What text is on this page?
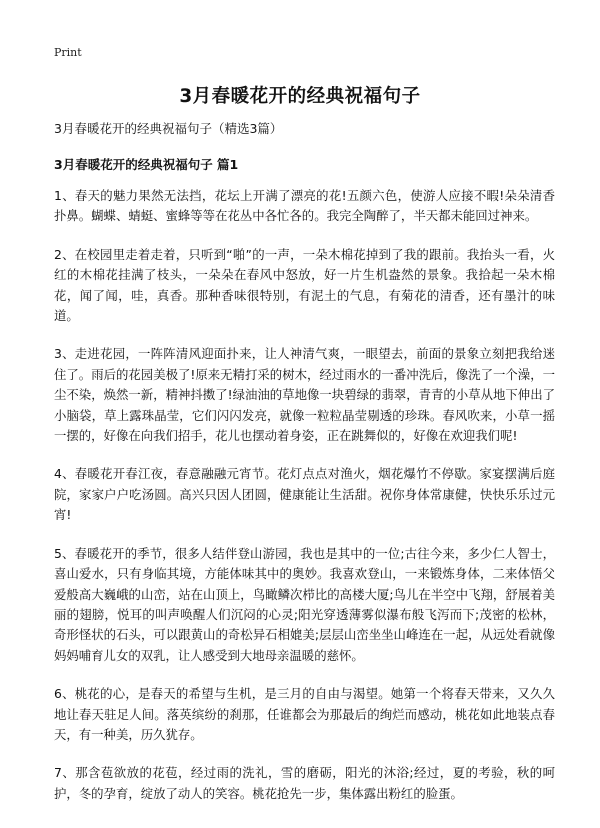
Print
3月春暖花开的经典祝福句子

3月春暖花开的经典祝福句子（精选3篇）

3月春暖花开的经典祝福句子 篇1

1、春天的魅力果然无法挡，花坛上开满了漂亮的花!五颜六色，使游人应接不暇!朵朵清香扑鼻。蝴蝶、蜻蜓、蜜蜂等等在花丛中各忙各的。我完全陶醉了，半天都未能回过神来。

2、在校园里走着走着，只听到“啪”的一声，一朵木棉花掉到了我的跟前。我抬头一看，火红的木棉花挂满了枝头，一朵朵在春风中怒放，好一片生机盎然的景象。我拾起一朵木棉花，闻了闻，哇，真香。那种香味很特别，有泥土的气息，有菊花的清香，还有墨汁的味道。

3、走进花园，一阵阵清风迎面扑来，让人神清气爽，一眼望去，前面的景象立刻把我给迷住了。雨后的花园美极了!原来无精打采的树木，经过雨水的一番冲洗后，像洗了一个澡，一尘不染，焕然一新，精神抖擞了!绿油油的草地像一块碧绿的翡翠，青青的小草从地下伸出了小脑袋，草上露珠晶莹，它们闪闪发亮，就像一粒粒晶莹剔透的珍珠。春风吹来，小草一摇一摆的，好像在向我们招手，花儿也摆动着身姿，正在跳舞似的，好像在欢迎我们呢!

4、春暖花开春江夜，春意融融元宵节。花灯点点对渔火，烟花爆竹不停歇。家宴摆满后庭院，家家户户吃汤圆。高兴只因人团圆，健康能让生活甜。祝你身体常康健，快快乐乐过元宵!

5、春暖花开的季节，很多人结伴登山游园，我也是其中的一位;古往今来，多少仁人智士，喜山爱水，只有身临其境，方能体味其中的奥妙。我喜欢登山，一来锻炼身体，二来体悟父爱般高大巍峨的山峦，站在山顶上，鸟瞰鳞次栉比的高楼大厦;鸟儿在半空中飞翔，舒展着美丽的翅膀，悦耳的叫声唤醒人们沉闷的心灵;阳光穿透薄雾似瀑布般飞泻而下;茂密的松林，奇形怪状的石头，可以跟黄山的奇松异石相媲美;层层山峦坐坐山峰连在一起，从远处看就像妈妈哺育儿女的双乳，让人感受到大地母亲温暖的慈怀。

6、桃花的心，是春天的希望与生机，是三月的自由与渴望。她第一个将春天带来，又久久地让春天驻足人间。落英缤纷的刹那，任谁都会为那最后的绚烂而感动，桃花如此地装点春天，有一种美，历久犹存。

7、那含苞欲放的花苞，经过雨的洗礼，雪的磨砺，阳光的沐浴;经过，夏的考验，秋的呵护，冬的孕育，绽放了动人的笑容。桃花抢先一步，集体露出粉红的脸蛋。
